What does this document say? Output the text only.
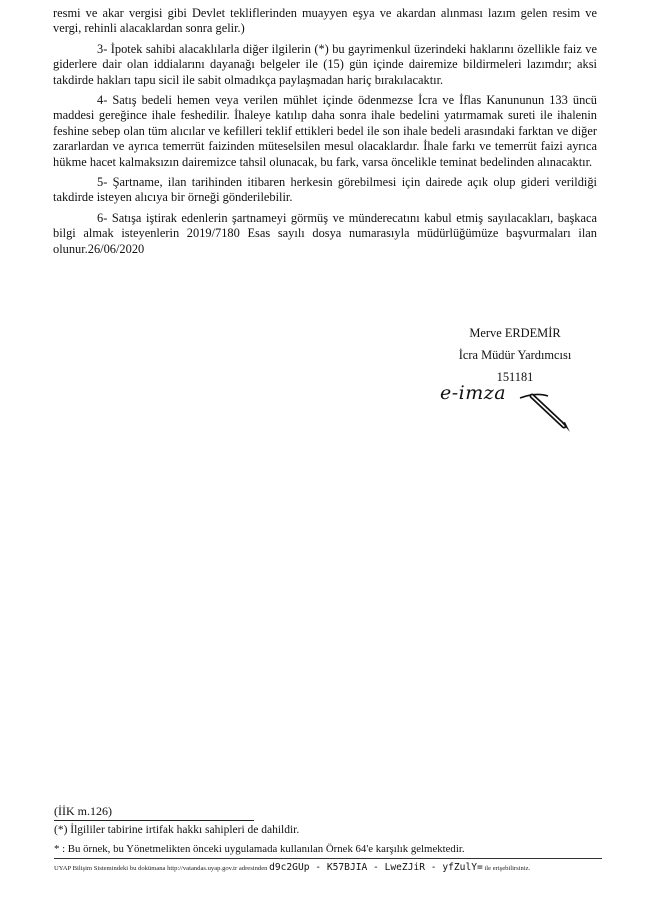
resmi ve akar vergisi gibi Devlet tekliflerinden muayyen eşya ve akardan alınması lazım gelen resim ve vergi, rehinli alacaklardan sonra gelir.)

3- İpotek sahibi alacaklılarla diğer ilgilerin (*) bu gayrimenkul üzerindeki haklarını özellikle faiz ve giderlere dair olan iddialarını dayanağı belgeler ile (15) gün içinde dairemize bildirmeleri lazımdır; aksi takdirde hakları tapu sicil ile sabit olmadıkça paylaşmadan hariç bırakılacaktır.

4- Satış bedeli hemen veya verilen mühlet içinde ödenmezse İcra ve İflas Kanununun 133 üncü maddesi gereğince ihale feshedilir. İhaleye katılıp daha sonra ihale bedelini yatırmamak sureti ile ihalenin feshine sebep olan tüm alıcılar ve kefilleri teklif ettikleri bedel ile son ihale bedeli arasındaki farktan ve diğer zararlardan ve ayrıca temerrüt faizinden müteselsilen mesul olacaklardır. İhale farkı ve temerrüt faizi ayrıca hükme hacet kalmaksızın dairemizce tahsil olunacak, bu fark, varsa öncelikle teminat bedelinden alınacaktır.

5- Şartname, ilan tarihinden itibaren herkesin görebilmesi için dairede açık olup gideri verildiği takdirde isteyen alıcıya bir örneği gönderilebilir.

6- Satışa iştirak edenlerin şartnameyi görmüş ve münderecatını kabul etmiş sayılacakları, başkaca bilgi almak isteyenlerin 2019/7180 Esas sayılı dosya numarasıyla müdürlüğümüze başvurmaları ilan olunur.26/06/2020

Merve ERDEMİR
İcra Müdür Yardımcısı
151181
e-imza
(İİK m.126)
(*) İlgililer tabirine irtifak hakkı sahipleri de dahildir.
* : Bu örnek, bu Yönetmelikten önceki uygulamada kullanılan Örnek 64'e karşılık gelmektedir.
UYAP Bilişim Sistemindeki bu dokümana http://vatandas.uyap.gov.tr adresinden d9c2GUp - K57BJIA - LweZJiR - yfZulY= ile erişebilirsiniz.
